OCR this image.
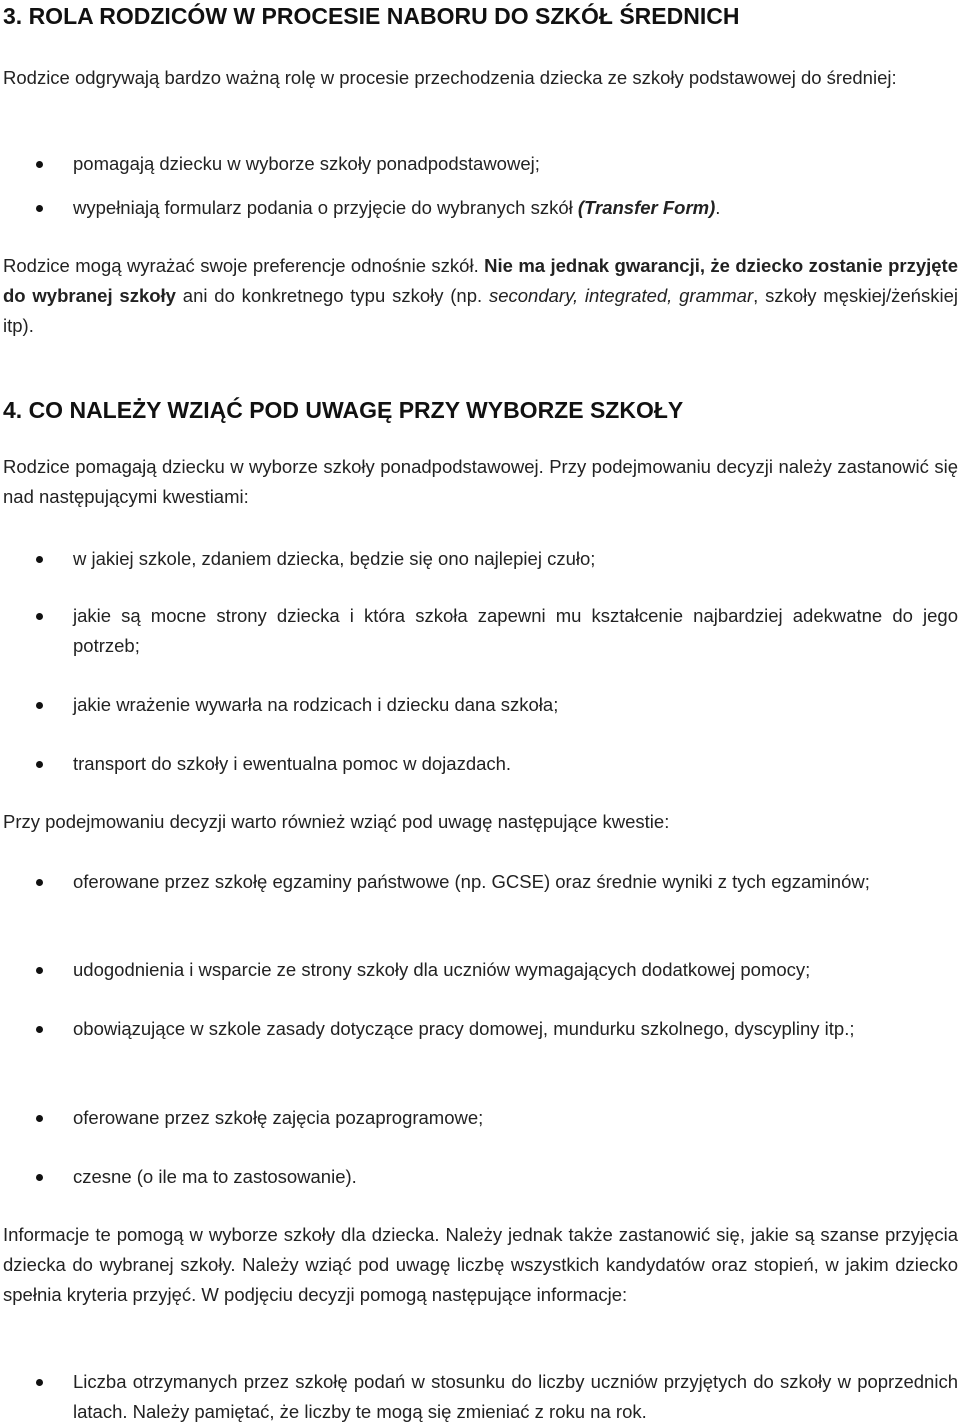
3. ROLA RODZICÓW W PROCESIE NABORU DO SZKÓŁ ŚREDNICH
Rodzice odgrywają bardzo ważną rolę w procesie przechodzenia dziecka ze szkoły podstawowej do średniej:
pomagają dziecku w wyborze szkoły ponadpodstawowej;
wypełniają formularz podania o przyjęcie do wybranych szkół (Transfer Form).
Rodzice mogą wyrażać swoje preferencje odnośnie szkół. Nie ma jednak gwarancji, że dziecko zostanie przyjęte do wybranej szkoły ani do konkretnego typu szkoły (np. secondary, integrated, grammar, szkoły męskiej/żeńskiej itp).
4. CO NALEŻY WZIĄĆ POD UWAGĘ PRZY WYBORZE SZKOŁY
Rodzice pomagają dziecku w wyborze szkoły ponadpodstawowej. Przy podejmowaniu decyzji należy zastanowić się nad następującymi kwestiami:
w jakiej szkole, zdaniem dziecka, będzie się ono najlepiej czuło;
jakie są mocne strony dziecka i która szkoła zapewni mu kształcenie najbardziej adekwatne do jego potrzeb;
jakie wrażenie wywarła na rodzicach i dziecku dana szkoła;
transport do szkoły i ewentualna pomoc w dojazdach.
Przy podejmowaniu decyzji warto również wziąć pod uwagę następujące kwestie:
oferowane przez szkołę egzaminy państwowe (np. GCSE) oraz średnie wyniki z tych egzaminów;
udogodnienia i wsparcie ze strony szkoły dla uczniów wymagających dodatkowej pomocy;
obowiązujące w szkole zasady dotyczące pracy domowej, mundurku szkolnego, dyscypliny itp.;
oferowane przez szkołę zajęcia pozaprogramowe;
czesne (o ile ma to zastosowanie).
Informacje te pomogą w wyborze szkoły dla dziecka. Należy jednak także zastanowić się, jakie są szanse przyjęcia dziecka do wybranej szkoły. Należy wziąć pod uwagę liczbę wszystkich kandydatów oraz stopień, w jakim dziecko spełnia kryteria przyjęć. W podjęciu decyzji pomogą następujące informacje:
Liczba otrzymanych przez szkołę podań w stosunku do liczby uczniów przyjętych do szkoły w poprzednich latach. Należy pamiętać, że liczby te mogą się zmieniać z roku na rok.
